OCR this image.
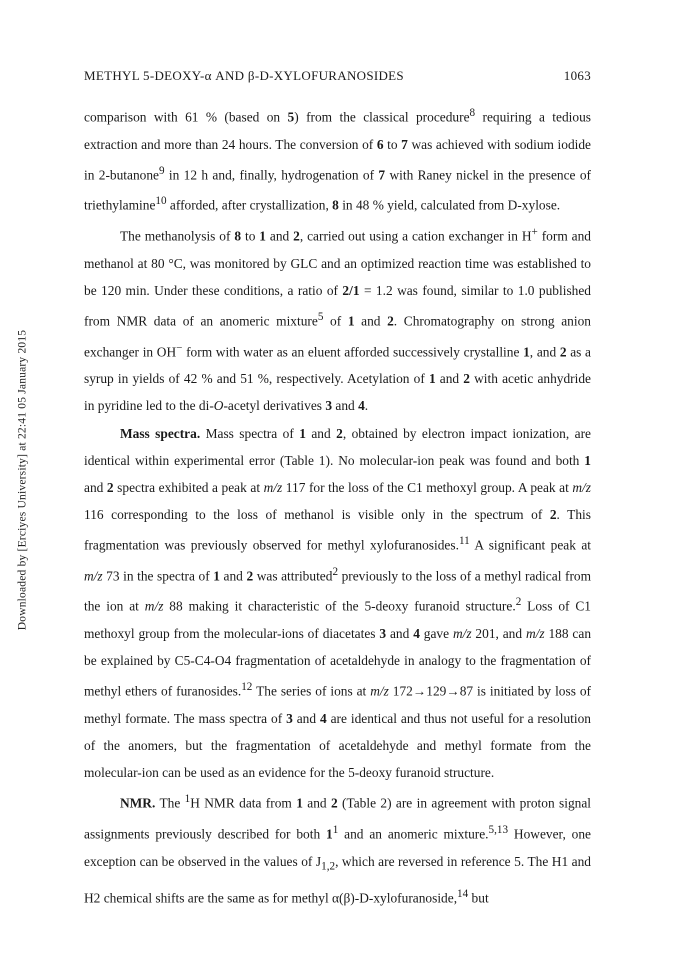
Downloaded by [Erciyes University] at 22:41 05 January 2015
METHYL 5-DEOXY-α AND β-D-XYLOFURANOSIDES	1063

comparison with 61 % (based on 5) from the classical procedure$^8$ requiring a tedious extraction and more than 24 hours. The conversion of 6 to 7 was achieved with sodium iodide in 2-butanone$^9$ in 12 h and, finally, hydrogenation of 7 with Raney nickel in the presence of triethylamine$^{10}$ afforded, after crystallization, 8 in 48 % yield, calculated from D-xylose.

The methanolysis of 8 to 1 and 2, carried out using a cation exchanger in H+ form and methanol at 80 °C, was monitored by GLC and an optimized reaction time was established to be 120 min. Under these conditions, a ratio of 2/1 = 1.2 was found, similar to 1.0 published from NMR data of an anomeric mixture$^5$ of 1 and 2. Chromatography on strong anion exchanger in OH− form with water as an eluent afforded successively crystalline 1, and 2 as a syrup in yields of 42 % and 51 %, respectively. Acetylation of 1 and 2 with acetic anhydride in pyridine led to the di-O-acetyl derivatives 3 and 4.

Mass spectra. Mass spectra of 1 and 2, obtained by electron impact ionization, are identical within experimental error (Table 1). No molecular-ion peak was found and both 1 and 2 spectra exhibited a peak at m/z 117 for the loss of the C1 methoxyl group. A peak at m/z 116 corresponding to the loss of methanol is visible only in the spectrum of 2. This fragmentation was previously observed for methyl xylofuranosides.$^{11}$ A significant peak at m/z 73 in the spectra of 1 and 2 was attributed$^2$ previously to the loss of a methyl radical from the ion at m/z 88 making it characteristic of the 5-deoxy furanoid structure.$^2$ Loss of C1 methoxyl group from the molecular-ions of diacetates 3 and 4 gave m/z 201, and m/z 188 can be explained by C5-C4-O4 fragmentation of acetaldehyde in analogy to the fragmentation of methyl ethers of furanosides.$^{12}$ The series of ions at m/z 172→129→87 is initiated by loss of methyl formate. The mass spectra of 3 and 4 are identical and thus not useful for a resolution of the anomers, but the fragmentation of acetaldehyde and methyl formate from the molecular-ion can be used as an evidence for the 5-deoxy furanoid structure.

NMR. The $^1$H NMR data from 1 and 2 (Table 2) are in agreement with proton signal assignments previously described for both $1^1$ and an anomeric mixture.$^{5,13}$ However, one exception can be observed in the values of $J_{1,2}$, which are reversed in reference 5. The H1 and H2 chemical shifts are the same as for methyl α(β)-D-xylofuranoside,$^{14}$ but
